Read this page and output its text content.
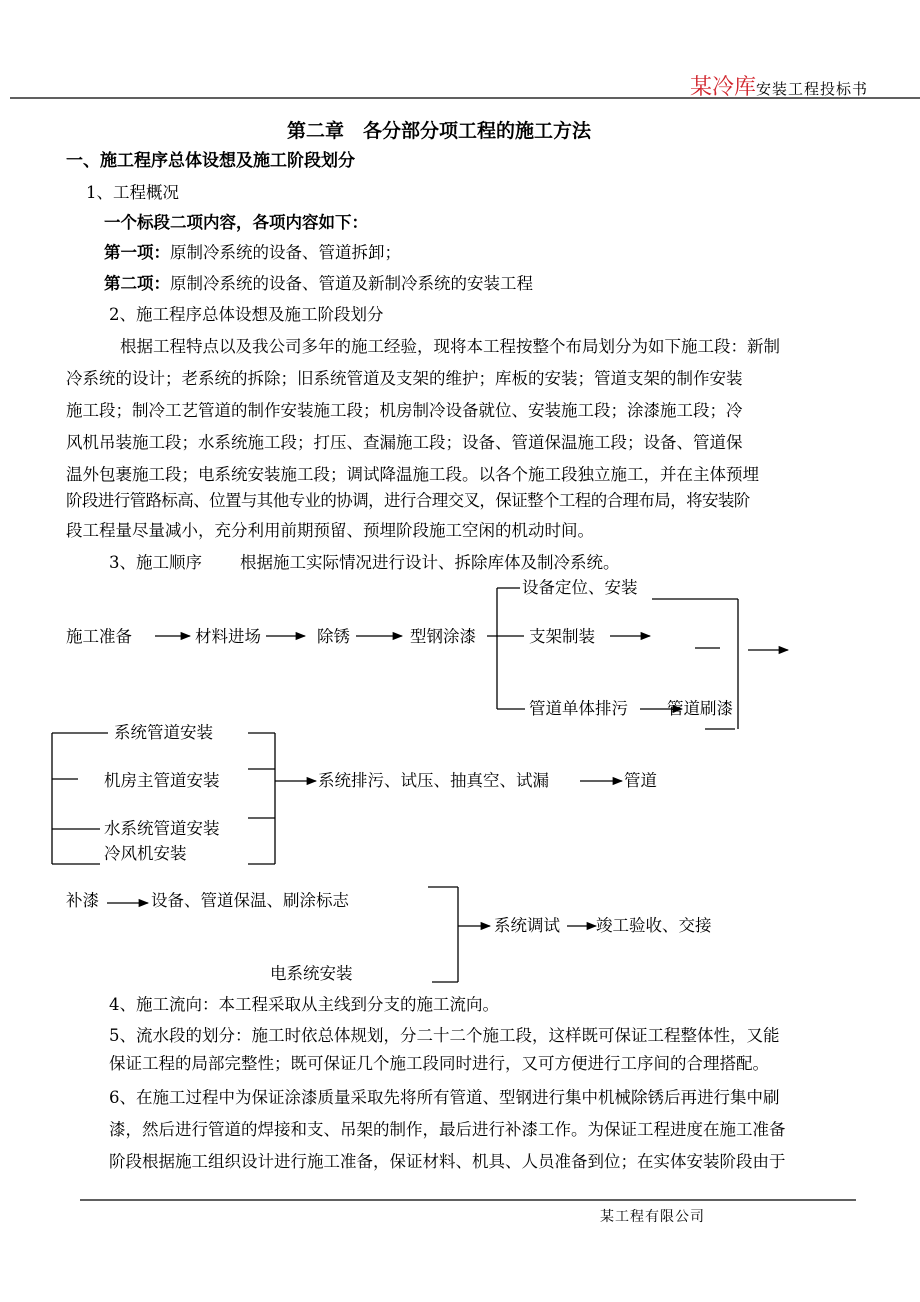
某冷库安装工程投标书
第二章　各分部分项工程的施工方法
一、施工程序总体设想及施工阶段划分
1、工程概况
一个标段二项内容，各项内容如下：
第一项：原制冷系统的设备、管道拆卸；
第二项：原制冷系统的设备、管道及新制冷系统的安装工程
2、施工程序总体设想及施工阶段划分
根据工程特点以及我公司多年的施工经验，现将本工程按整个布局划分为如下施工段：新制
冷系统的设计；老系统的拆除；旧系统管道及支架的维护；库板的安装；管道支架的制作安装
施工段；制冷工艺管道的制作安装施工段；机房制冷设备就位、安装施工段；涂漆施工段；冷
风机吊装施工段；水系统施工段；打压、查漏施工段；设备、管道保温施工段；设备、管道保
温外包裹施工段；电系统安装施工段；调试降温施工段。以各个施工段独立施工，并在主体预埋
阶段进行管路标高、位置与其他专业的协调，进行合理交叉，保证整个工程的合理布局，将安装阶
段工程量尽量减小，充分利用前期预留、预埋阶段施工空闲的机动时间。
3、施工顺序 根据施工实际情况进行设计、拆除库体及制冷系统。
施工准备	材料进场	除锈	型钢涂漆
设备定位、安装
支架制装
管道单体排污 管道刷漆
系统管道安装
机房主管道安装
水系统管道安装
冷风机安装
系统排污、试压、抽真空、试漏	管道
补漆	设备、管道保温、刷涂标志
电系统安装
系统调试 竣工验收、交接
4、施工流向：本工程采取从主线到分支的施工流向。
5、流水段的划分：施工时依总体规划，分二十二个施工段，这样既可保证工程整体性，又能
保证工程的局部完整性；既可保证几个施工段同时进行，又可方便进行工序间的合理搭配。
6、在施工过程中为保证涂漆质量采取先将所有管道、型钢进行集中机械除锈后再进行集中刷
漆，然后进行管道的焊接和支、吊架的制作，最后进行补漆工作。为保证工程进度在施工准备
阶段根据施工组织设计进行施工准备，保证材料、机具、人员准备到位；在实体安装阶段由于
某工程有限公司
